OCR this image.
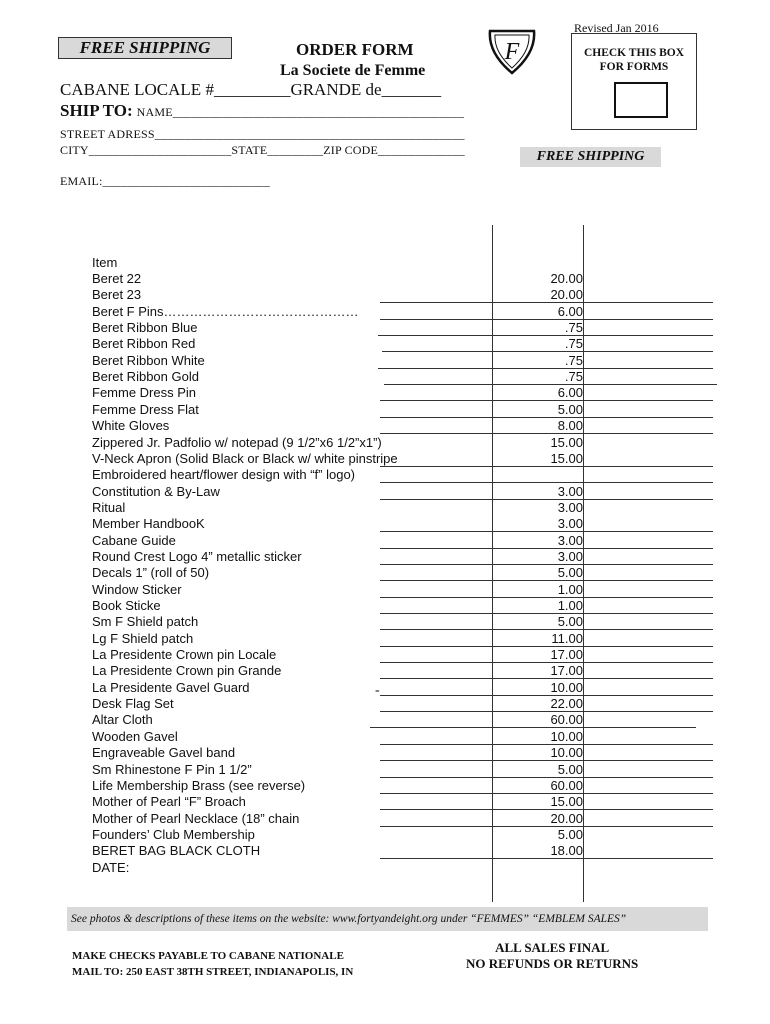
FREE SHIPPING	ORDER FORM
La Societe de Femme
F
Revised Jan 2016
CHECK THIS BOX FOR FORMS
CABANE LOCALE #_________GRANDE de_______
SHIP TO: NAME_______________________________________________
STREET ADRESS__________________________________________________
CITY_______________________STATE_________ZIP CODE______________	FREE SHIPPING
EMAIL:___________________________
Item
Beret 22
Beret 23
Beret F Pins………………………………………
Beret Ribbon Blue
Beret Ribbon Red
Beret Ribbon White
Beret Ribbon Gold
Femme Dress Pin
Femme Dress Flat
White Gloves
Zippered Jr. Padfolio w/ notepad (9 1/2”x6 1/2”x1”)
V-Neck Apron (Solid Black or Black w/ white pinstripe
Embroidered heart/flower design with “f” logo)
Constitution & By-Law
Ritual
Member HandbooK
Cabane Guide
Round Crest Logo 4” metallic sticker
Decals 1” (roll of 50)
Window Sticker
Book Sticke
Sm F Shield patch
Lg F Shield patch
La Presidente Crown pin Locale
La Presidente Crown pin Grande
La Presidente Gavel Guard
Desk Flag Set
Altar Cloth
Wooden Gavel
Engraveable Gavel band
Sm Rhinestone F Pin 1 1/2”
Life Membership Brass (see reverse)
Mother of Pearl “F” Broach
Mother of Pearl Necklace (18” chain
Founders’ Club Membership
BERET BAG BLACK CLOTH
DATE:
20.00
20.00
6.00
.75
.75
.75
.75
6.00
5.00
8.00
15.00
15.00
3.00
3.00
3.00
3.00
3.00
5.00
1.00
1.00
5.00
11.00
17.00
17.00
10.00
22.00
60.00
10.00
10.00
5.00
60.00
15.00
20.00
5.00
18.00
-
See photos & descriptions of these items on the website: www.fortyandeight.org under “FEMMES” “EMBLEM SALES”
MAKE CHECKS PAYABLE TO CABANE NATIONALE
MAIL TO: 250 EAST 38TH STREET, INDIANAPOLIS, IN
ALL SALES FINAL
NO REFUNDS OR RETURNS
